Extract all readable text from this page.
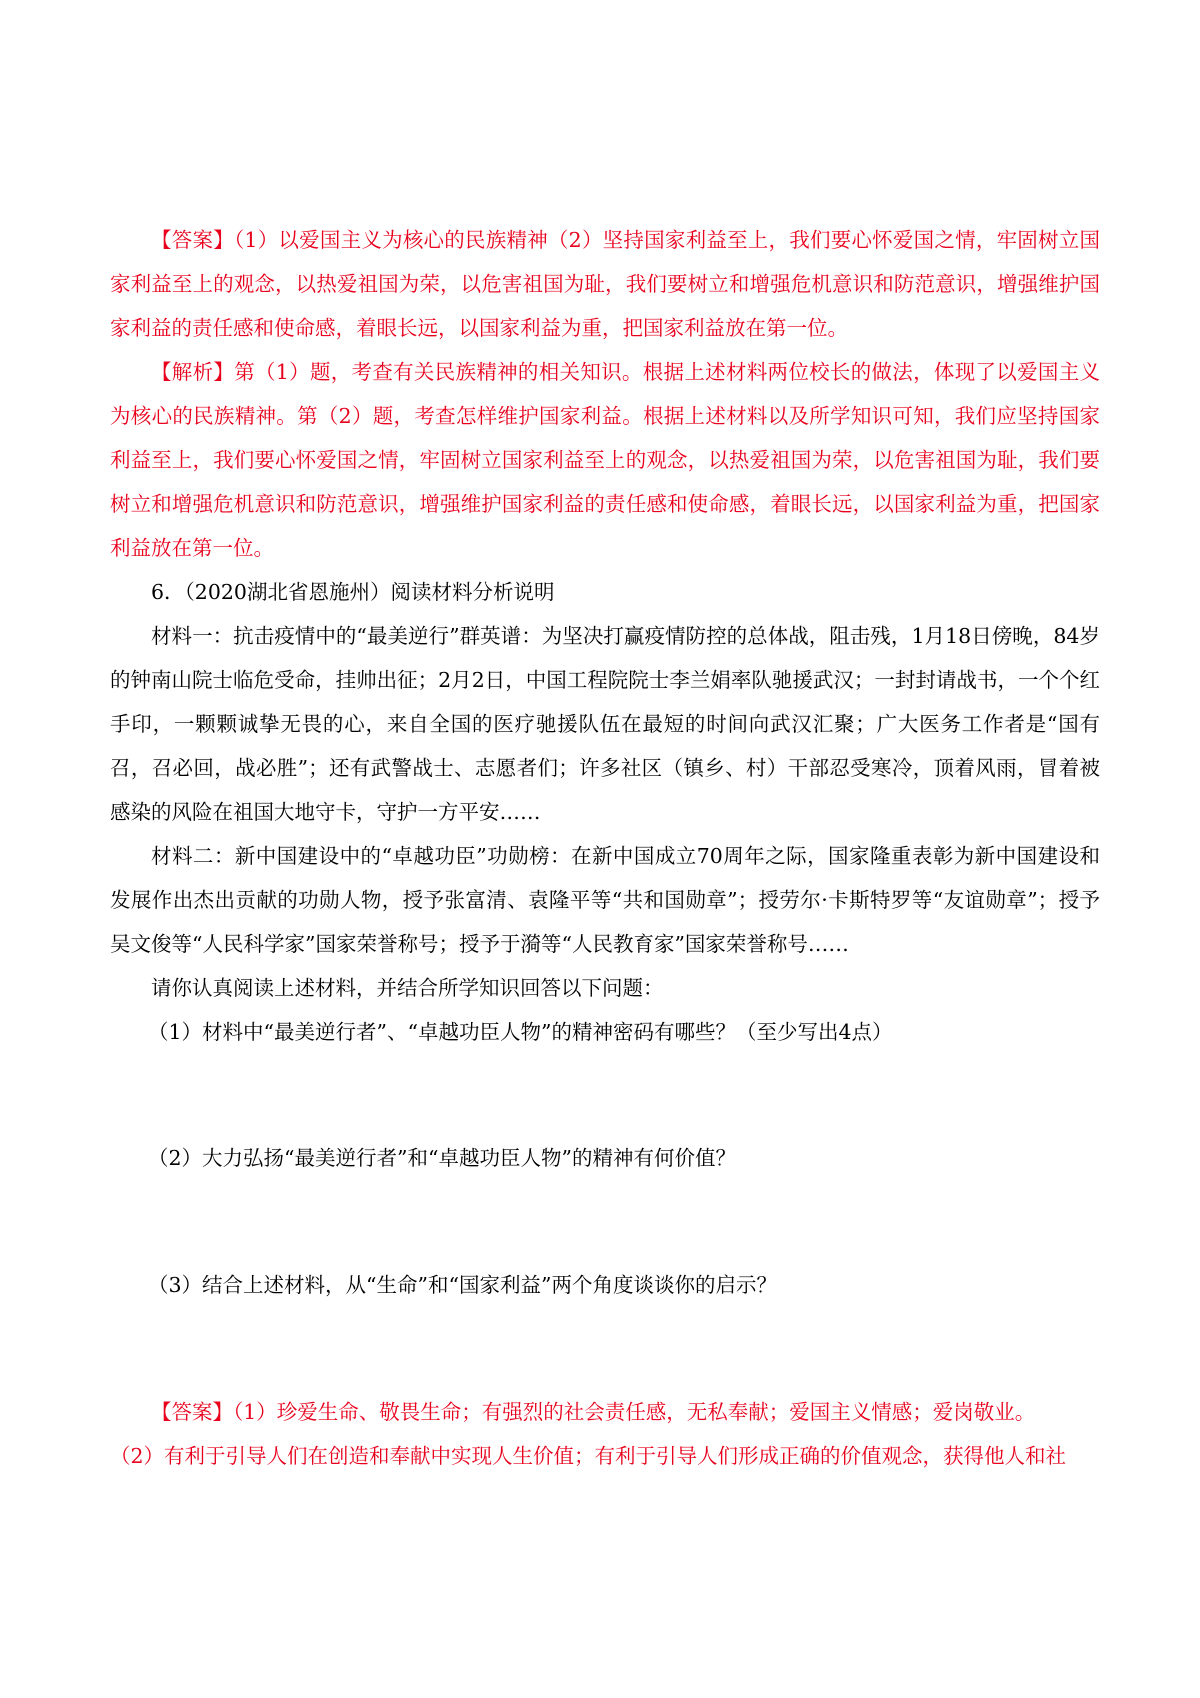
【答案】（1）以爱国主义为核心的民族精神（2）坚持国家利益至上，我们要心怀爱国之情，牢固树立国家利益至上的观念，以热爱祖国为荣，以危害祖国为耻，我们要树立和增强危机意识和防范意识，增强维护国家利益的责任感和使命感，着眼长远，以国家利益为重，把国家利益放在第一位。

【解析】第（1）题，考查有关民族精神的相关知识。根据上述材料两位校长的做法，体现了以爱国主义为核心的民族精神。第（2）题，考查怎样维护国家利益。根据上述材料以及所学知识可知，我们应坚持国家利益至上，我们要心怀爱国之情，牢固树立国家利益至上的观念，以热爱祖国为荣，以危害祖国为耻，我们要树立和增强危机意识和防范意识，增强维护国家利益的责任感和使命感，着眼长远，以国家利益为重，把国家利益放在第一位。

6．（2020湖北省恩施州）阅读材料分析说明

材料一：抗击疫情中的“最美逆行”群英谱：为坚决打赢疫情防控的总体战，阻击残，1月18日傍晚，84岁的钟南山院士临危受命，挂帅出征；2月2日，中国工程院院士李兰娟率队驰援武汉；一封封请战书，一个个红手印，一颗颗诚挚无畏的心，来自全国的医疗驰援队伍在最短的时间向武汉汇聚；广大医务工作者是“国有召，召必回，战必胜”；还有武警战士、志愿者们；许多社区（镇乡、村）干部忍受寒冷，顶着风雨，冒着被感染的风险在祖国大地守卡，守护一方平安……

材料二：新中国建设中的“卓越功臣”功勋榜：在新中国成立70周年之际，国家隆重表彰为新中国建设和发展作出杰出贡献的功勋人物，授予张富清、袁隆平等“共和国勋章”；授劳尔·卡斯特罗等“友谊勋章”；授予吴文俊等“人民科学家”国家荣誉称号；授予于漪等“人民教育家”国家荣誉称号……

请你认真阅读上述材料，并结合所学知识回答以下问题：

（1）材料中“最美逆行者”、“卓越功臣人物”的精神密码有哪些？（至少写出4点）

（2）大力弘扬“最美逆行者”和“卓越功臣人物”的精神有何价值？

（3）结合上述材料，从“生命”和“国家利益”两个角度谈谈你的启示？

【答案】（1）珍爱生命、敬畏生命；有强烈的社会责任感，无私奉献；爱国主义情感；爱岗敬业。

（2）有利于引导人们在创造和奉献中实现人生价值；有利于引导人们形成正确的价值观念，获得他人和社
